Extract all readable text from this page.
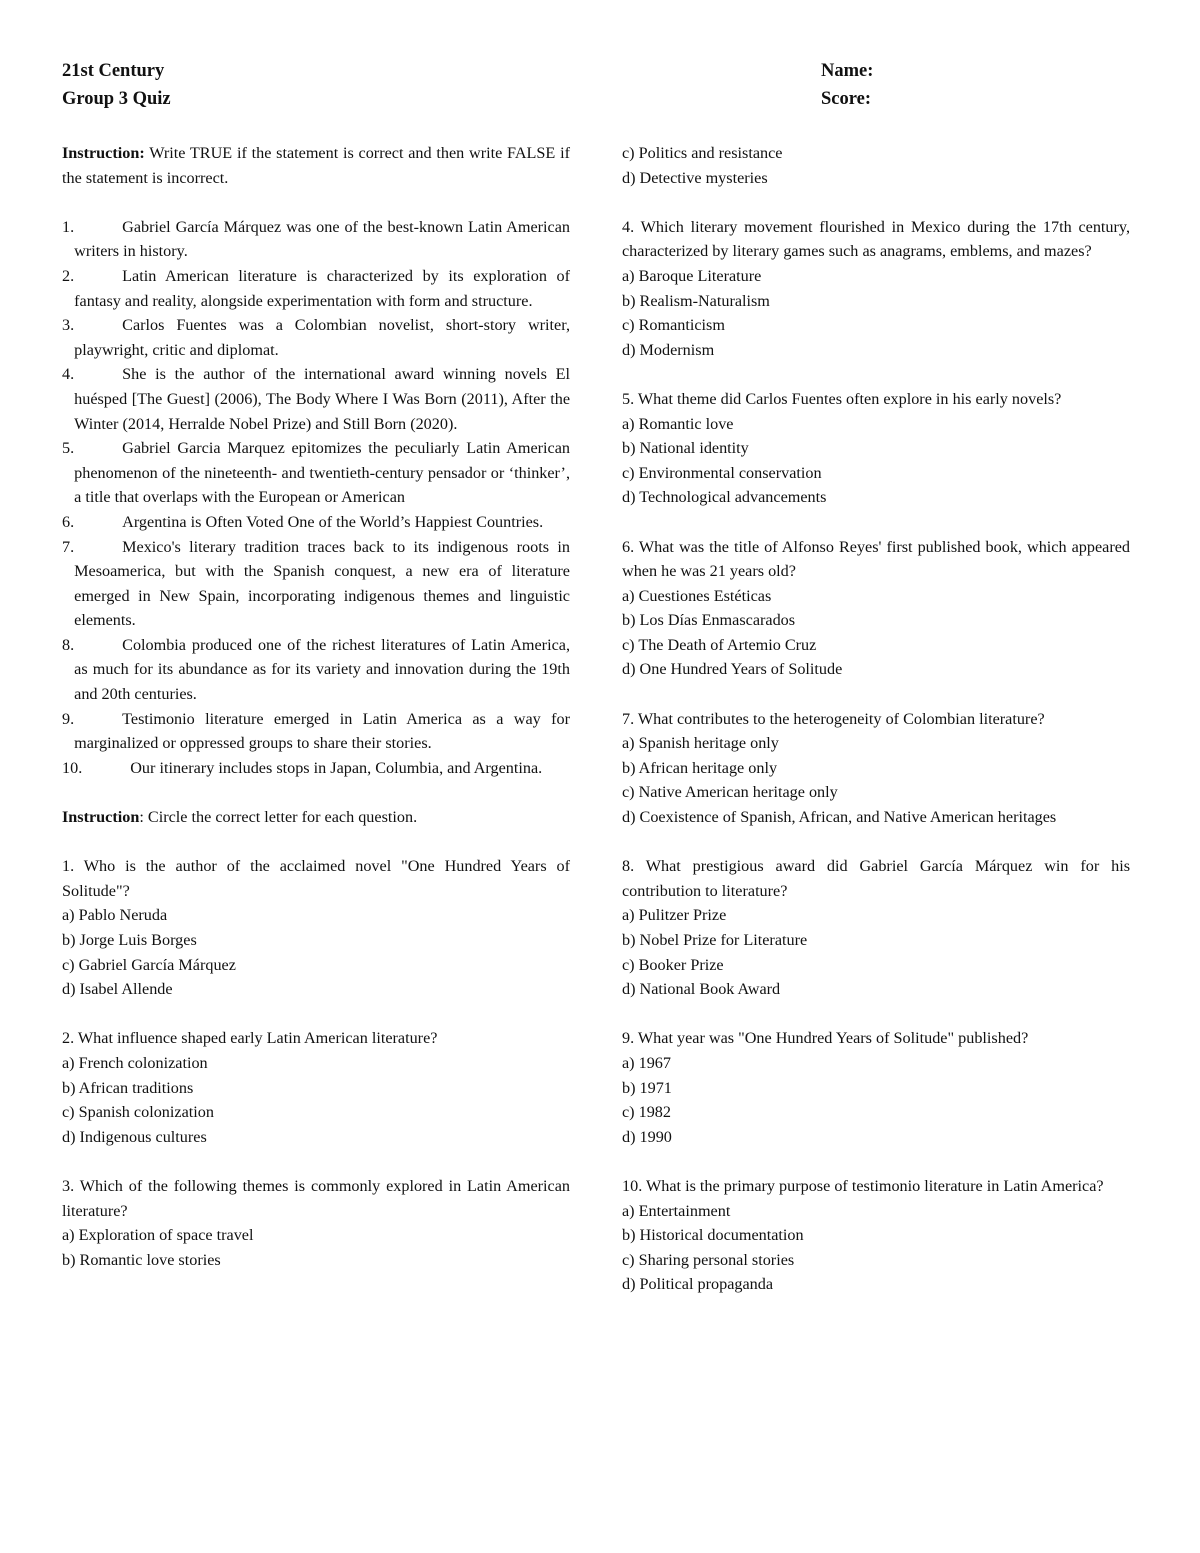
21st Century
Group 3 Quiz
Name:
Score:

Instruction: Write TRUE if the statement is correct and then write FALSE if the statement is incorrect.

1.	Gabriel García Márquez was one of the best-known Latin American writers in history.
2.	Latin American literature is characterized by its exploration of fantasy and reality, alongside experimentation with form and structure.
3.	Carlos Fuentes was a Colombian novelist, short-story writer, playwright, critic and diplomat.
4.	She is the author of the international award winning novels El huésped [The Guest] (2006), The Body Where I Was Born (2011), After the Winter (2014, Herralde Nobel Prize) and Still Born (2020).
5.	Gabriel Garcia Marquez epitomizes the peculiarly Latin American phenomenon of the nineteenth- and twentieth-century pensador or ‘thinker’, a title that overlaps with the European or American
6.	Argentina is Often Voted One of the World’s Happiest Countries.
7.	Mexico's literary tradition traces back to its indigenous roots in Mesoamerica, but with the Spanish conquest, a new era of literature emerged in New Spain, incorporating indigenous themes and linguistic elements.
8.	Colombia produced one of the richest literatures of Latin America, as much for its abundance as for its variety and innovation during the 19th and 20th centuries.
9.	Testimonio literature emerged in Latin America as a way for marginalized or oppressed groups to share their stories.
10.	Our itinerary includes stops in Japan, Columbia, and Argentina.

Instruction: Circle the correct letter for each question.

1. Who is the author of the acclaimed novel "One Hundred Years of Solitude"?

a) Pablo Neruda

b) Jorge Luis Borges

c) Gabriel García Márquez

d) Isabel Allende

2. What influence shaped early Latin American literature?

a) French colonization

b) African traditions

c) Spanish colonization

d) Indigenous cultures

3. Which of the following themes is commonly explored in Latin American literature?

a) Exploration of space travel

b) Romantic love stories

c) Politics and resistance

d) Detective mysteries

4. Which literary movement flourished in Mexico during the 17th century, characterized by literary games such as anagrams, emblems, and mazes?

a) Baroque Literature

b) Realism-Naturalism

c) Romanticism

d) Modernism

5. What theme did Carlos Fuentes often explore in his early novels?

a) Romantic love

b) National identity

c) Environmental conservation

d) Technological advancements

6. What was the title of Alfonso Reyes' first published book, which appeared when he was 21 years old?

a) Cuestiones Estéticas

b) Los Días Enmascarados

c) The Death of Artemio Cruz

d) One Hundred Years of Solitude

7. What contributes to the heterogeneity of Colombian literature?

a) Spanish heritage only

b) African heritage only

c) Native American heritage only

d) Coexistence of Spanish, African, and Native American heritages

8. What prestigious award did Gabriel García Márquez win for his contribution to literature?

a) Pulitzer Prize

b) Nobel Prize for Literature

c) Booker Prize

d) National Book Award

9. What year was "One Hundred Years of Solitude" published?

a) 1967

b) 1971

c) 1982

d) 1990

10. What is the primary purpose of testimonio literature in Latin America?

a) Entertainment

b) Historical documentation

c) Sharing personal stories

d) Political propaganda
